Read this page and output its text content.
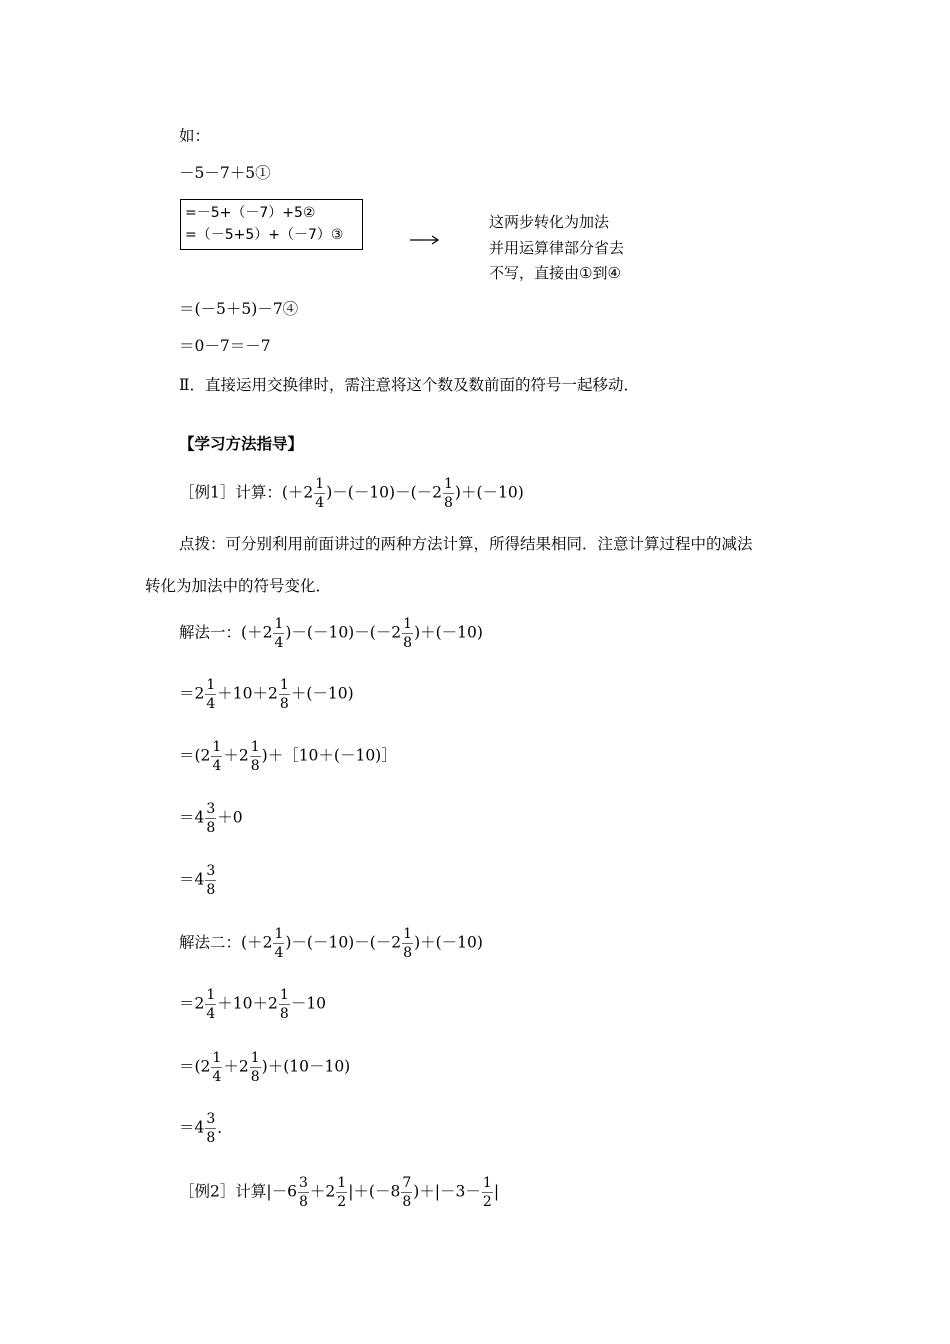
如：
－5－7＋5①
=－5+（－7）+5②
=（－5+5）+（－7）③
这两步转化为加法
并用运算律部分省去
不写，直接由①到④
＝(－5＋5)－7④
＝0－7＝－7
Ⅱ．直接运用交换律时，需注意将这个数及数前面的符号一起移动．
【学习方法指导】
［例1］计算：$(+2 \frac{1}{4} )-(-10)-(-2 \frac{1}{8} )+(-10)$
点拨：可分别利用前面讲过的两种方法计算，所得结果相同．注意计算过程中的减法
转化为加法中的符号变化．
解法一：$(+2 \frac{1}{4} )-(-10)-(-2 \frac{1}{8} )+(-10)$
$=2 \frac{1}{4} +10+2 \frac{1}{8} +(-10)$
$=(2 \frac{1}{4} +2 \frac{1}{8}$ )＋［10＋(－10)］
$=4 \frac{3}{8} +0$
$=4 \frac{3}{8}$
解法二：$(+2 \frac{1}{4} )-(-10)-(-2 \frac{1}{8} )+(-10)$
$=2 \frac{1}{4} +10+2 \frac{1}{8} -10$
$=(2 \frac{1}{4} +2 \frac{1}{8} )+(10-10)$
$=4 \frac{3}{8}$ ．
［例2］计算$|-6 \frac{3}{8} +2 \frac{1}{2} |+(-8 \frac{7}{8} )+|-3- \frac{1}{2}$ |
